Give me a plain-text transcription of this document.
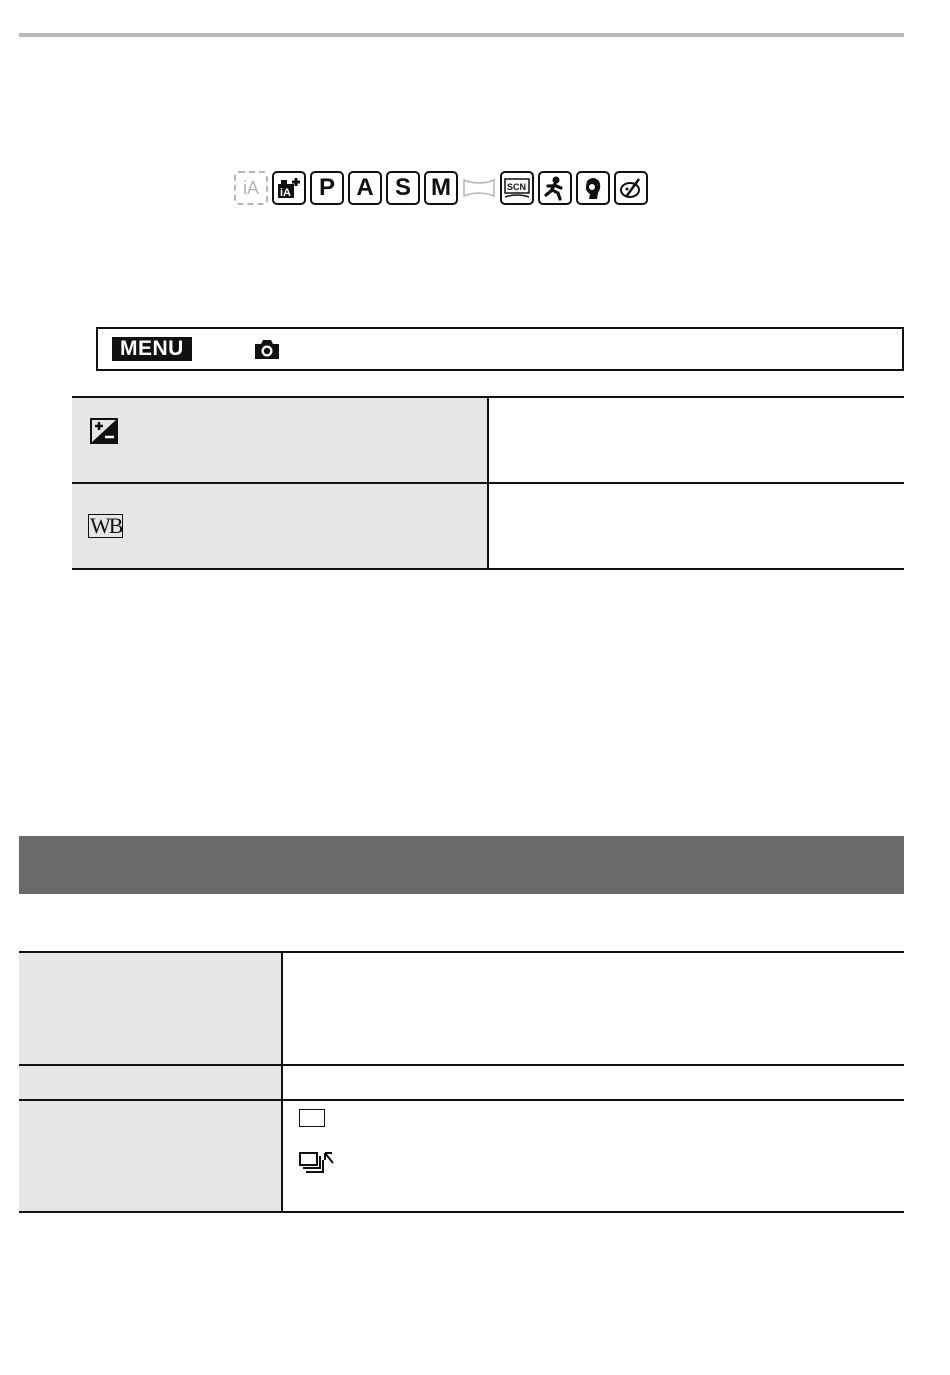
iA iA P A S M	SCN
MENU

WB	
